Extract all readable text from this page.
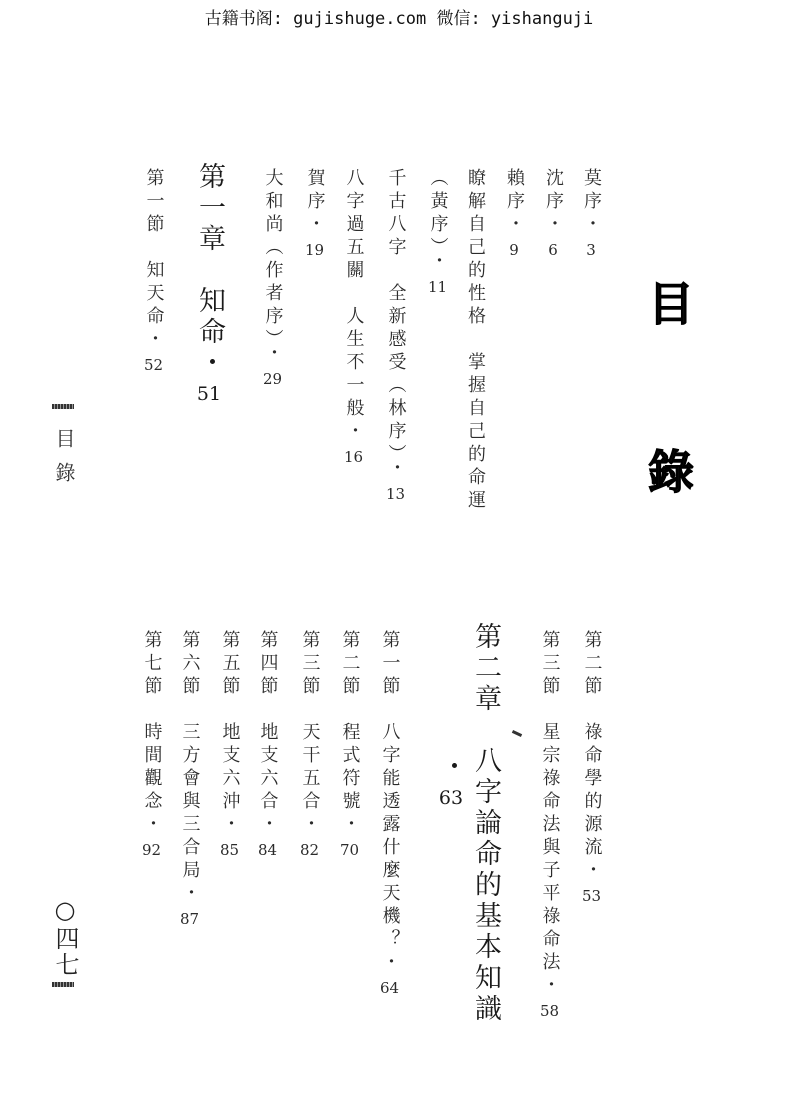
古籍书阁: gujishuge.com 微信: yishanguji
目
錄
莫序・3
沈序・6
賴序・9
瞭解自己的性格　掌握自己的命運
（黃序）・11
千古八字　全新感受（林序）・13
八字過五關　人生不一般・16
賀序・19
大和尚（作者序）・29
第一章　知命・51
第一節　知天命・52
第二節　祿命學的源流・53
第三節　星宗祿命法與子平祿命法・58
第二章　八字論命的基本知識
・63
第一節　八字能透露什麼天機？・64
第二節　程式符號・70
第三節　天干五合・82
第四節　地支六合・84
第五節　地支六沖・85
第六節　三方會與三合局・87
第七節　時間觀念・92
目錄
○四七
